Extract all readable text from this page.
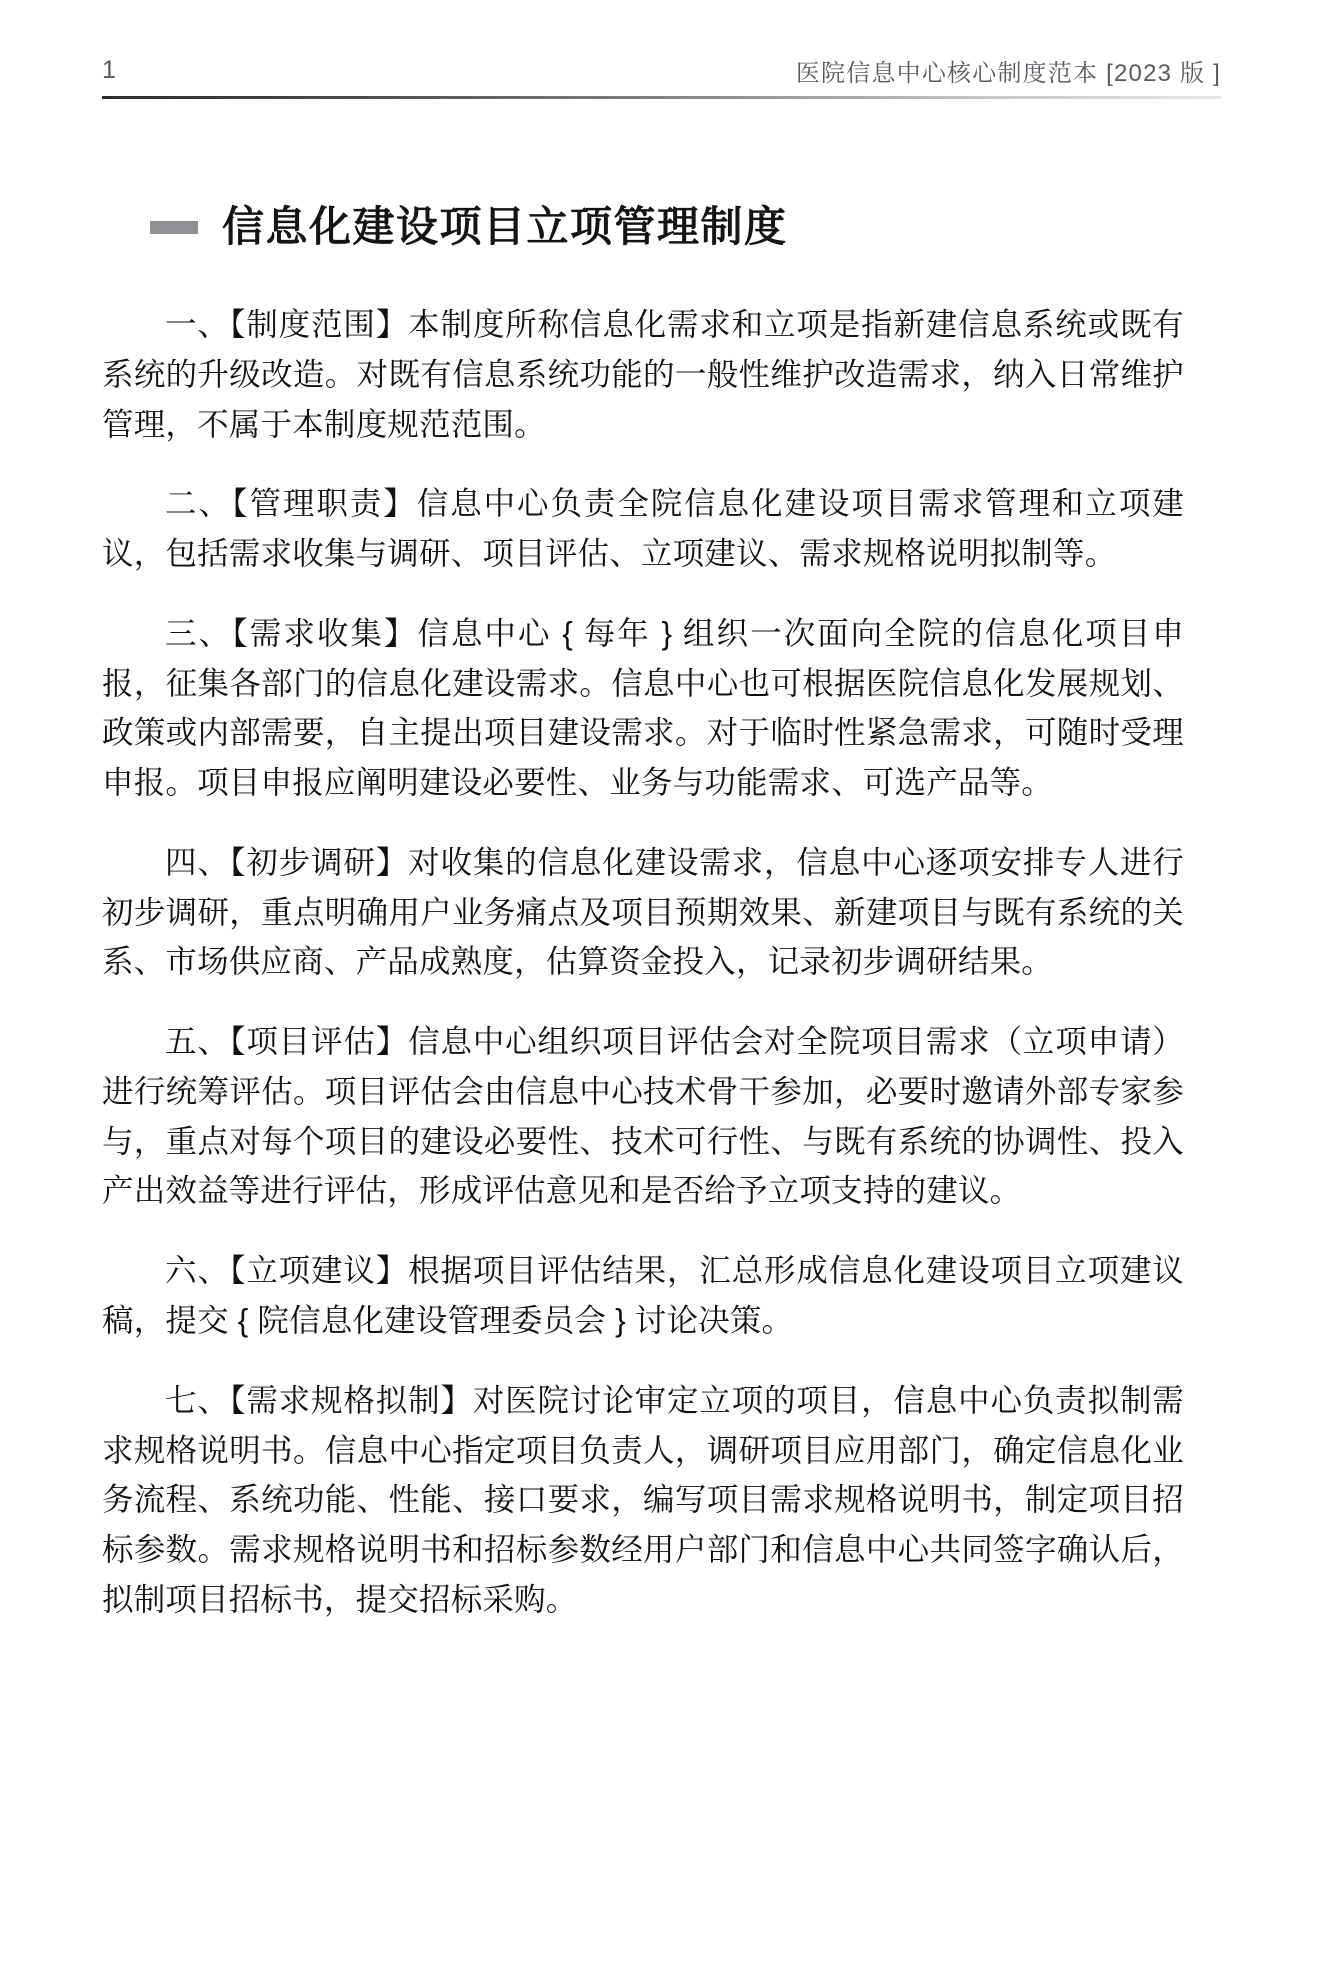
1	医院信息中心核心制度范本 [2023 版 ]
信息化建设项目立项管理制度

一、【制度范围】本制度所称信息化需求和立项是指新建信息系统或既有系统的升级改造。对既有信息系统功能的一般性维护改造需求，纳入日常维护管理，不属于本制度规范范围。

二、【管理职责】信息中心负责全院信息化建设项目需求管理和立项建议，包括需求收集与调研、项目评估、立项建议、需求规格说明拟制等。

三、【需求收集】信息中心 { 每年 } 组织一次面向全院的信息化项目申报，征集各部门的信息化建设需求。信息中心也可根据医院信息化发展规划、政策或内部需要，自主提出项目建设需求。对于临时性紧急需求，可随时受理申报。项目申报应阐明建设必要性、业务与功能需求、可选产品等。

四、【初步调研】对收集的信息化建设需求，信息中心逐项安排专人进行初步调研，重点明确用户业务痛点及项目预期效果、新建项目与既有系统的关系、市场供应商、产品成熟度，估算资金投入，记录初步调研结果。

五、【项目评估】信息中心组织项目评估会对全院项目需求（立项申请）进行统筹评估。项目评估会由信息中心技术骨干参加，必要时邀请外部专家参与，重点对每个项目的建设必要性、技术可行性、与既有系统的协调性、投入产出效益等进行评估，形成评估意见和是否给予立项支持的建议。

六、【立项建议】根据项目评估结果，汇总形成信息化建设项目立项建议稿，提交 { 院信息化建设管理委员会 } 讨论决策。

七、【需求规格拟制】对医院讨论审定立项的项目，信息中心负责拟制需求规格说明书。信息中心指定项目负责人，调研项目应用部门，确定信息化业务流程、系统功能、性能、接口要求，编写项目需求规格说明书，制定项目招标参数。需求规格说明书和招标参数经用户部门和信息中心共同签字确认后，拟制项目招标书，提交招标采购。
